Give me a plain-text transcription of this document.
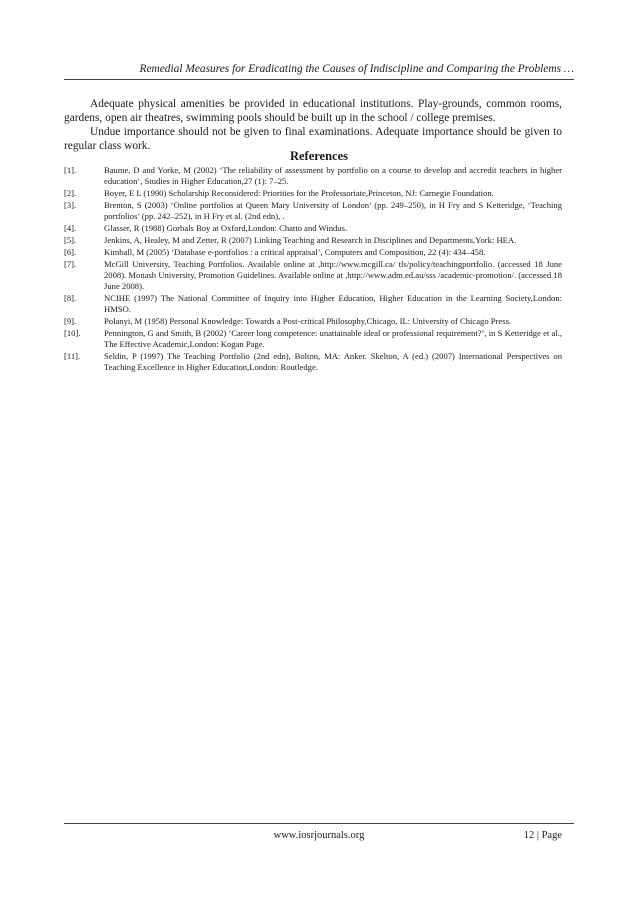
Remedial Measures for Eradicating the Causes of Indiscipline and Comparing the Problems …

Adequate physical amenities be provided in educational institutions. Play-grounds, common rooms, gardens, open air theatres, swimming pools should be built up in the school / college premises.

Undue importance should not be given to final examinations. Adequate importance should be given to regular class work.

References
[1].	Baume, D and Yorke, M (2002) ‘The reliability of assessment by portfolio on a course to develop and accredit teachers in higher education’, Studies in Higher Education,27 (1): 7–25.
[2].	Boyer, E L (1990) Scholarship Reconsidered: Priorities for the Professoriate,Princeton, NJ: Carnegie Foundation.
[3].	Brenton, S (2003) ‘Online portfolios at Queen Mary University of London’ (pp. 249–250), in H Fry and S Ketteridge, ‘Teaching portfolios’ (pp. 242–252), in H Fry et al. (2nd edn), .
[4].	Glasser, R (1988) Gorbals Boy at Oxford,London: Chatto and Windus.
[5].	Jenkins, A, Healey, M and Zetter, R (2007) Linking Teaching and Research in Disciplines and Departments,York: HEA.
[6].	Kimball, M (2005) ‘Database e-portfolios : a critical appraisal’, Computers and Composition, 22 (4): 434–458.
[7].	McGill University, Teaching Portfolios. Available online at ,http://www.mcgill.ca/ tls/policy/teachingportfolio. (accessed 18 June 2008). Monash University, Promotion Guidelines. Available online at ,http://www.adm.ed.au/sss /academic-promotion/. (accessed 18 June 2008).
[8].	NCIHE (1997) The National Committee of Inquiry into Higher Education, Higher Education in the Learning Society,London: HMSO.
[9].	Polanyi, M (1958) Personal Knowledge: Towards a Post-critical Philosophy,Chicago, IL: University of Chicago Press.
[10].	Pennington, G and Smith, B (2002) ‘Career long competence: unattainable ideal or professional requirement?’, in S Ketteridge et al., The Effective Academic,London: Kogan Page.
[11].	Seldin, P (1997) The Teaching Portfolio (2nd edn), Bolton, MA: Anker. Skelton, A (ed.) (2007) International Perspectives on Teaching Excellence in Higher Education,London: Routledge.
www.iosrjournals.org	12 | Page
